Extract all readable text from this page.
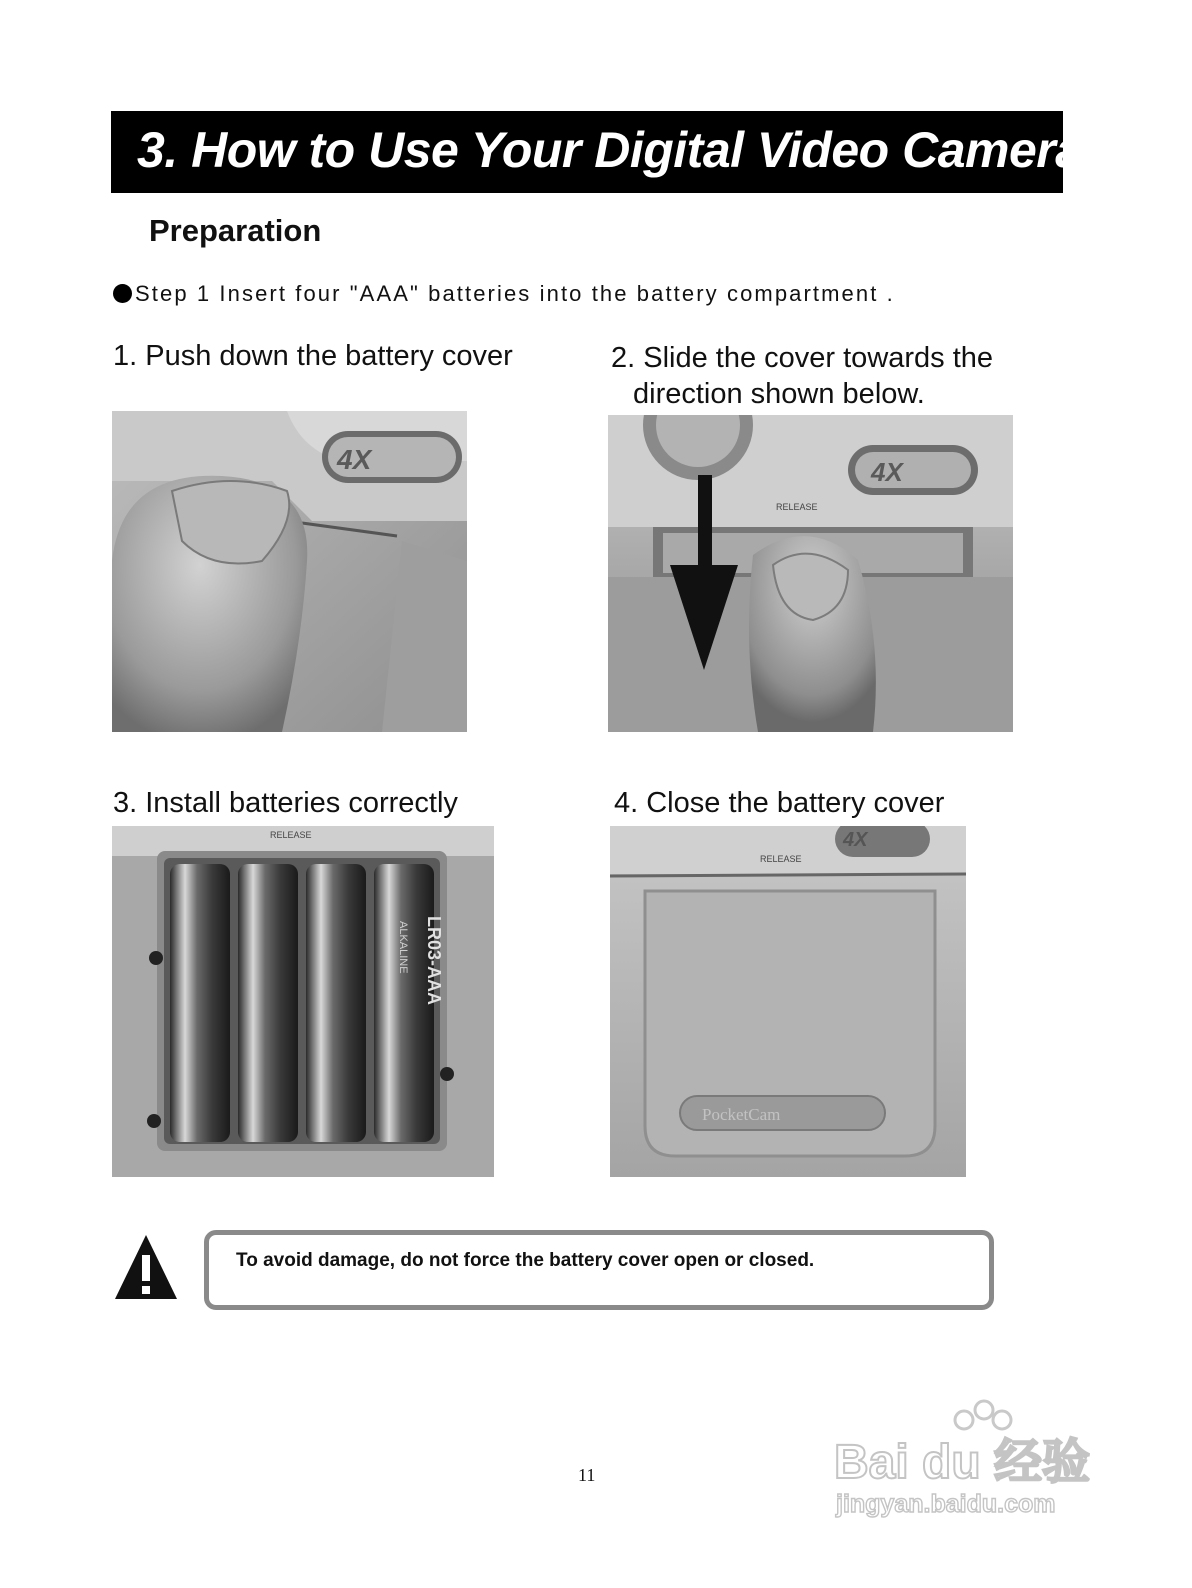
3. How to Use Your Digital Video Camera
Preparation
Step 1 Insert four "AAA" batteries into the battery compartment .
1. Push down the battery cover	2. Slide the cover towards the
direction shown below.
3. Install batteries correctly	4. Close the battery cover
4X	4X
RELEASE
RELEASE
LR03-AAA
ALKALINE
4X
RELEASE
PocketCam
To avoid damage, do not force the battery cover open or closed.
11	Bai du 经验
jingyan.baidu.com
